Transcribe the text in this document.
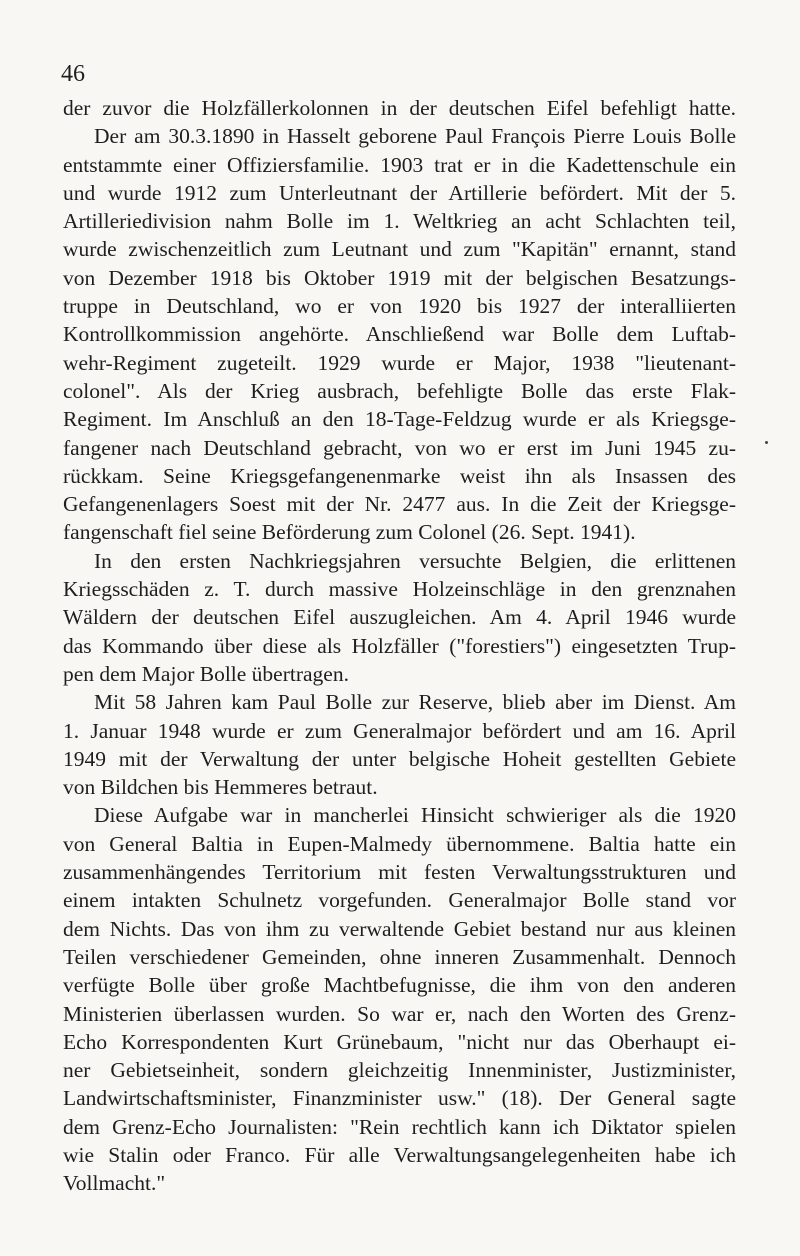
46
der zuvor die Holzfällerkolonnen in der deutschen Eifel befehligt hatte.
Der am 30.3.1890 in Hasselt geborene Paul François Pierre Louis Bolle
entstammte einer Offiziersfamilie. 1903 trat er in die Kadettenschule ein
und wurde 1912 zum Unterleutnant der Artillerie befördert. Mit der 5.
Artilleriedivision nahm Bolle im 1. Weltkrieg an acht Schlachten teil,
wurde zwischenzeitlich zum Leutnant und zum "Kapitän" ernannt, stand
von Dezember 1918 bis Oktober 1919 mit der belgischen Besatzungs-
truppe in Deutschland, wo er von 1920 bis 1927 der interalliierten
Kontrollkommission angehörte. Anschließend war Bolle dem Luftab-
wehr-Regiment zugeteilt. 1929 wurde er Major, 1938 "lieutenant-
colonel". Als der Krieg ausbrach, befehligte Bolle das erste Flak-
Regiment. Im Anschluß an den 18-Tage-Feldzug wurde er als Kriegsge-
fangener nach Deutschland gebracht, von wo er erst im Juni 1945 zu-
rückkam. Seine Kriegsgefangenenmarke weist ihn als Insassen des
Gefangenenlagers Soest mit der Nr. 2477 aus. In die Zeit der Kriegsge-
fangenschaft fiel seine Beförderung zum Colonel (26. Sept. 1941).
In den ersten Nachkriegsjahren versuchte Belgien, die erlittenen
Kriegsschäden z. T. durch massive Holzeinschläge in den grenznahen
Wäldern der deutschen Eifel auszugleichen. Am 4. April 1946 wurde
das Kommando über diese als Holzfäller ("forestiers") eingesetzten Trup-
pen dem Major Bolle übertragen.
Mit 58 Jahren kam Paul Bolle zur Reserve, blieb aber im Dienst. Am
1. Januar 1948 wurde er zum Generalmajor befördert und am 16. April
1949 mit der Verwaltung der unter belgische Hoheit gestellten Gebiete
von Bildchen bis Hemmeres betraut.
Diese Aufgabe war in mancherlei Hinsicht schwieriger als die 1920
von General Baltia in Eupen-Malmedy übernommene. Baltia hatte ein
zusammenhängendes Territorium mit festen Verwaltungsstrukturen und
einem intakten Schulnetz vorgefunden. Generalmajor Bolle stand vor
dem Nichts. Das von ihm zu verwaltende Gebiet bestand nur aus kleinen
Teilen verschiedener Gemeinden, ohne inneren Zusammenhalt. Dennoch
verfügte Bolle über große Machtbefugnisse, die ihm von den anderen
Ministerien überlassen wurden. So war er, nach den Worten des Grenz-
Echo Korrespondenten Kurt Grünebaum, "nicht nur das Oberhaupt ei-
ner Gebietseinheit, sondern gleichzeitig Innenminister, Justizminister,
Landwirtschaftsminister, Finanzminister usw." (18). Der General sagte
dem Grenz-Echo Journalisten: "Rein rechtlich kann ich Diktator spielen
wie Stalin oder Franco. Für alle Verwaltungsangelegenheiten habe ich
Vollmacht."
